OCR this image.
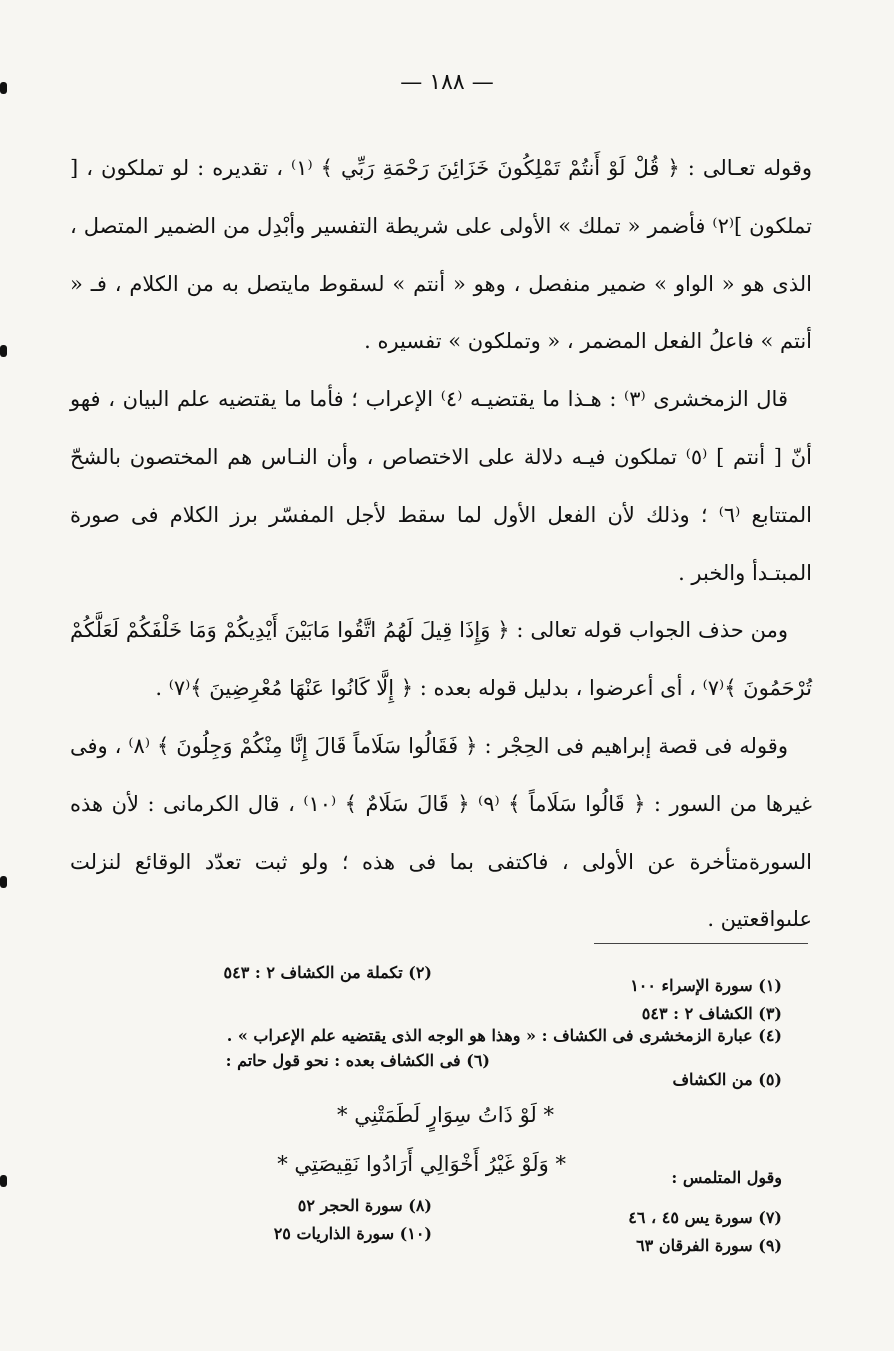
— ١٨٨ —

وقوله تعـالى : ﴿ قُلْ لَوْ أَنتُمْ تَمْلِكُونَ خَزَائِنَ رَحْمَةِ رَبِّي ﴾ ⁽١⁾ ، تقديره : لو تملكون ، [ تملكون ]⁽٢⁾ فأضمر « تملك » الأولى على شريطة التفسير وأبْدِل من الضمير المتصل ، الذى هو « الواو » ضمير منفصل ، وهو « أنتم » لسقوط مايتصل به من الكلام ، فـ « أنتم » فاعلُ الفعل المضمر ، « وتملكون » تفسيره .

قال الزمخشرى ⁽٣⁾ : هـذا ما يقتضيـه ⁽٤⁾ الإعراب ؛ فأما ما يقتضيه علم البيان ، فهو أنّ [ أنتم ] ⁽٥⁾ تملكون فيـه دلالة على الاختصاص ، وأن النـاس هم المختصون بالشحّ المتتابع ⁽٦⁾ ؛ وذلك لأن الفعل الأول لما سقط لأجل المفسّر برز الكلام فى صورة المبتـدأ والخبر .

ومن حذف الجواب قوله تعالى : ﴿ وَإِذَا قِيلَ لَهُمُ اتَّقُوا مَابَيْنَ أَيْدِيكُمْ وَمَا خَلْفَكُمْ لَعَلَّكُمْ تُرْحَمُونَ ﴾⁽٧⁾ ، أى أعرضوا ، بدليل قوله بعده : ﴿ إِلَّا كَانُوا عَنْهَا مُعْرِضِينَ ﴾⁽٧⁾ .

وقوله فى قصة إبراهيم فى الحِجْر : ﴿ فَقَالُوا سَلَاماً قَالَ إِنَّا مِنْكُمْ وَجِلُونَ ﴾ ⁽٨⁾ ، وفى غيرها من السور : ﴿ قَالُوا سَلَاماً ﴾ ⁽٩⁾ ﴿ قَالَ سَلَامٌ ﴾ ⁽١٠⁾ ، قال الكرمانى : لأن هذه السورةمتأخرة عن الأولى ، فاكتفى بما فى هذه ؛ ولو ثبت تعدّد الوقائع لنزلت علىواقعتين .

(١) سورة الإسراء ١٠٠
(٢) تكملة من الكشاف ٢ : ٥٤٣
(٣) الكشاف ٢ : ٥٤٣
(٤) عبارة الزمخشرى فى الكشاف : « وهذا هو الوجه الذى يقتضيه علم الإعراب » .
(٦) فى الكشاف بعده : نحو قول حاتم :
(٥) من الكشاف
* لَوْ ذَاتُ سِوَارٍ لَطَمَتْنِي *
وقول المتلمس :
* وَلَوْ غَيْرُ أَخْوَالِي أَرَادُوا نَقِيصَتِي *
(٧) سورة يس ٤٥ ، ٤٦
(٨) سورة الحجر ٥٢
(٩) سورة الفرقان ٦٣
(١٠) سورة الذاريات ٢٥
